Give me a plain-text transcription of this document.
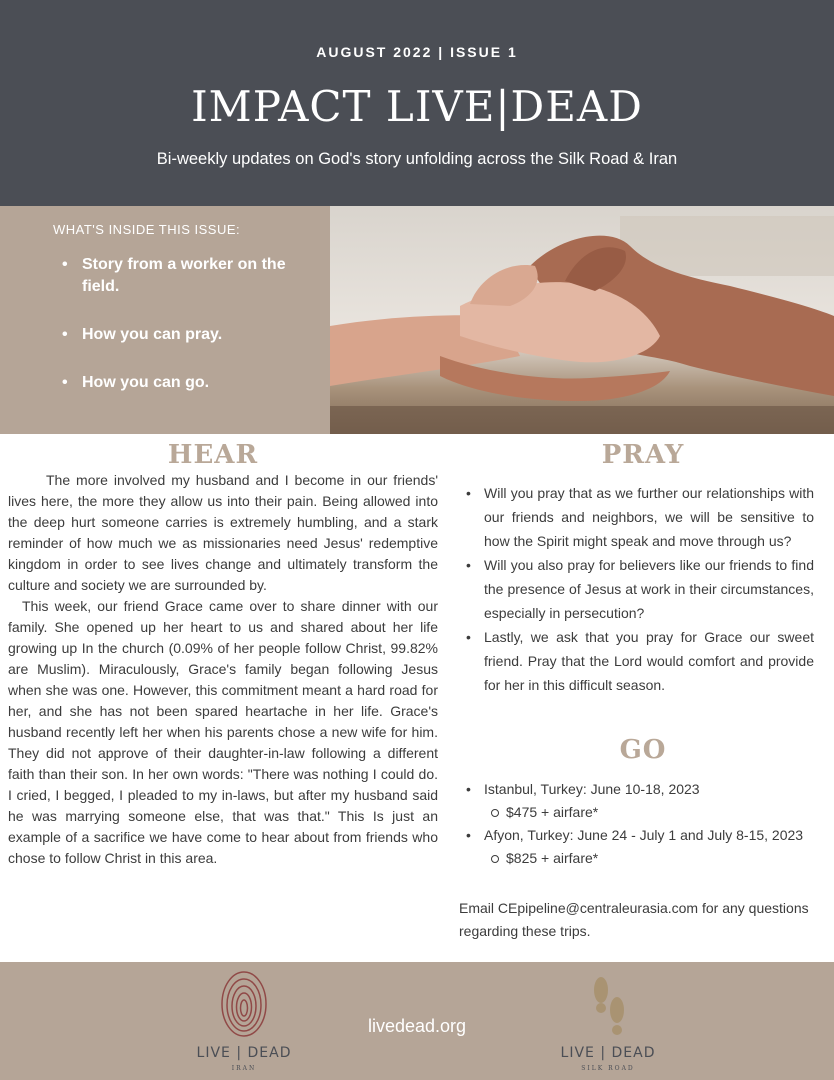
AUGUST 2022 | ISSUE 1
IMPACT LIVE|DEAD
Bi-weekly updates on God's story unfolding across the Silk Road & Iran
WHAT'S INSIDE THIS ISSUE:
• Story from a worker on the field.
• How you can pray.
• How you can go.
HEAR

The more involved my husband and I become in our friends' lives here, the more they allow us into their pain. Being allowed into the deep hurt someone carries is extremely humbling, and a stark reminder of how much we as missionaries need Jesus' redemptive kingdom in order to see lives change and ultimately transform the culture and society we are surrounded by.

This week, our friend Grace came over to share dinner with our family. She opened up her heart to us and shared about her life growing up In the church (0.09% of her people follow Christ, 99.82% are Muslim). Miraculously, Grace's family began following Jesus when she was one. However, this commitment meant a hard road for her, and she has not been spared heartache in her life. Grace's husband recently left her when his parents chose a new wife for him. They did not approve of their daughter-in-law following a different faith than their son. In her own words: "There was nothing I could do. I cried, I begged, I pleaded to my in-laws, but after my husband said he was marrying someone else, that was that." This Is just an example of a sacrifice we have come to hear about from friends who chose to follow Christ in this area.

PRAY
• Will you pray that as we further our relationships with our friends and neighbors, we will be sensitive to how the Spirit might speak and move through us?
• Will you also pray for believers like our friends to find the presence of Jesus at work in their circumstances, especially in persecution?
• Lastly, we ask that you pray for Grace our sweet friend. Pray that the Lord would comfort and provide for her in this difficult season.
GO
• Istanbul, Turkey: June 10-18, 2023
$475 + airfare*
• Afyon, Turkey: June 24 - July 1 and July 8-15, 2023
$825 + airfare*
Email CEpipeline@centraleurasia.com for any questions regarding these trips.
LIVE | DEAD
IRAN
livedead.org
LIVE | DEAD
SILK ROAD
